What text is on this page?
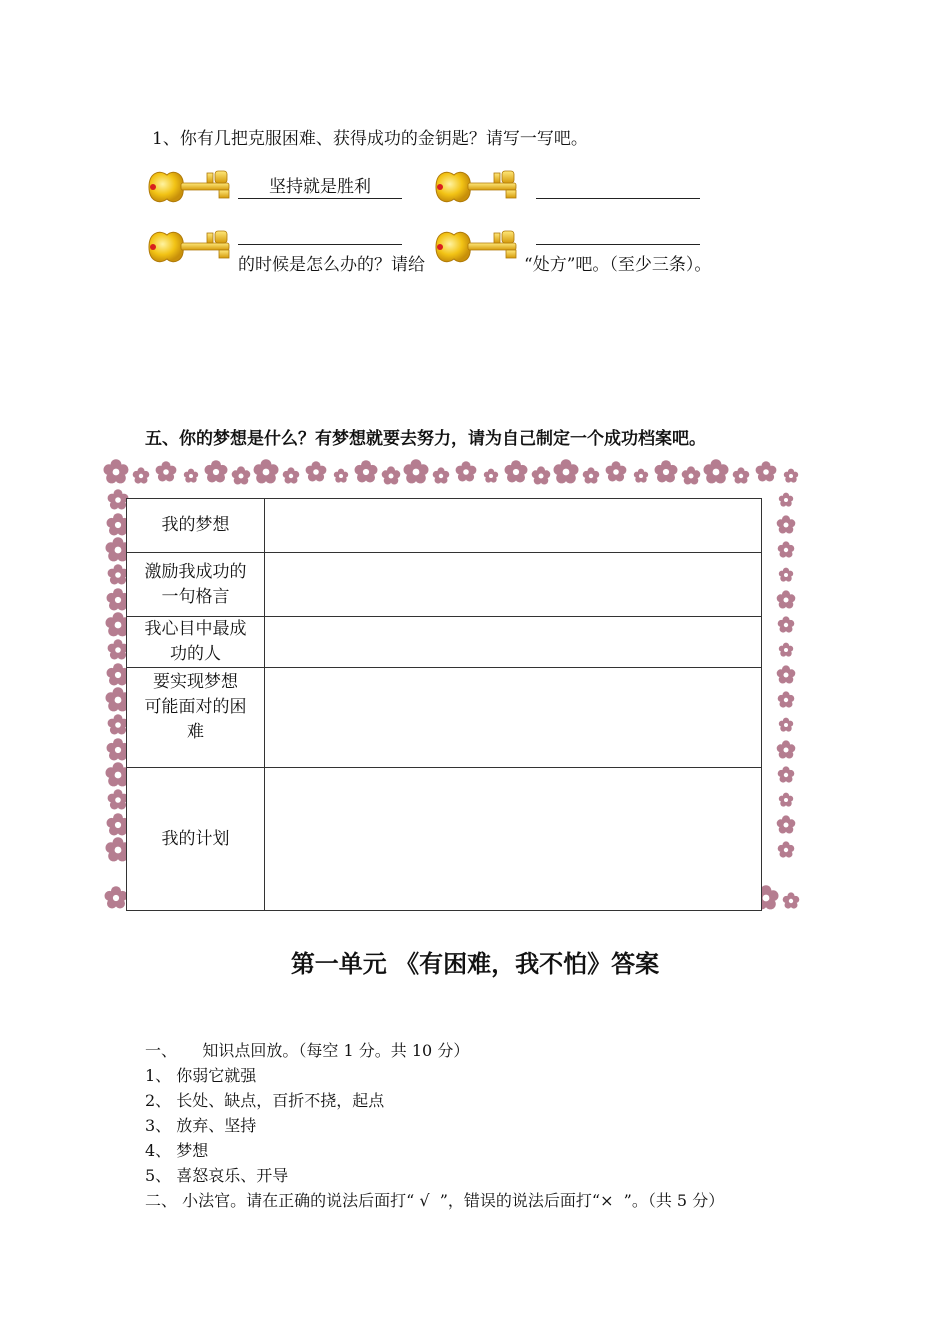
1、你有几把克服困难、获得成功的金钥匙？请写一写吧。
的时候是怎么办的？请给	“处方”吧。（至少三条）。
坚持就是胜利
五、你的梦想是什么？有梦想就要去努力，请为自己制定一个成功档案吧。
我的梦想	

激励我成功的
一句格言	

我心目中最成
功的人	

要实现梦想
可能面对的困
难	

我的计划	

第一单元 《有困难，我不怕》答案
一、     知识点回放。（每空 1 分。共 10 分）
1、 你弱它就强
2、 长处、缺点，百折不挠，起点
3、 放弃、坚持
4、 梦想
5、 喜怒哀乐、开导
二、 小法官。请在正确的说法后面打“ √  ”，错误的说法后面打“×  ”。（共 5 分）
